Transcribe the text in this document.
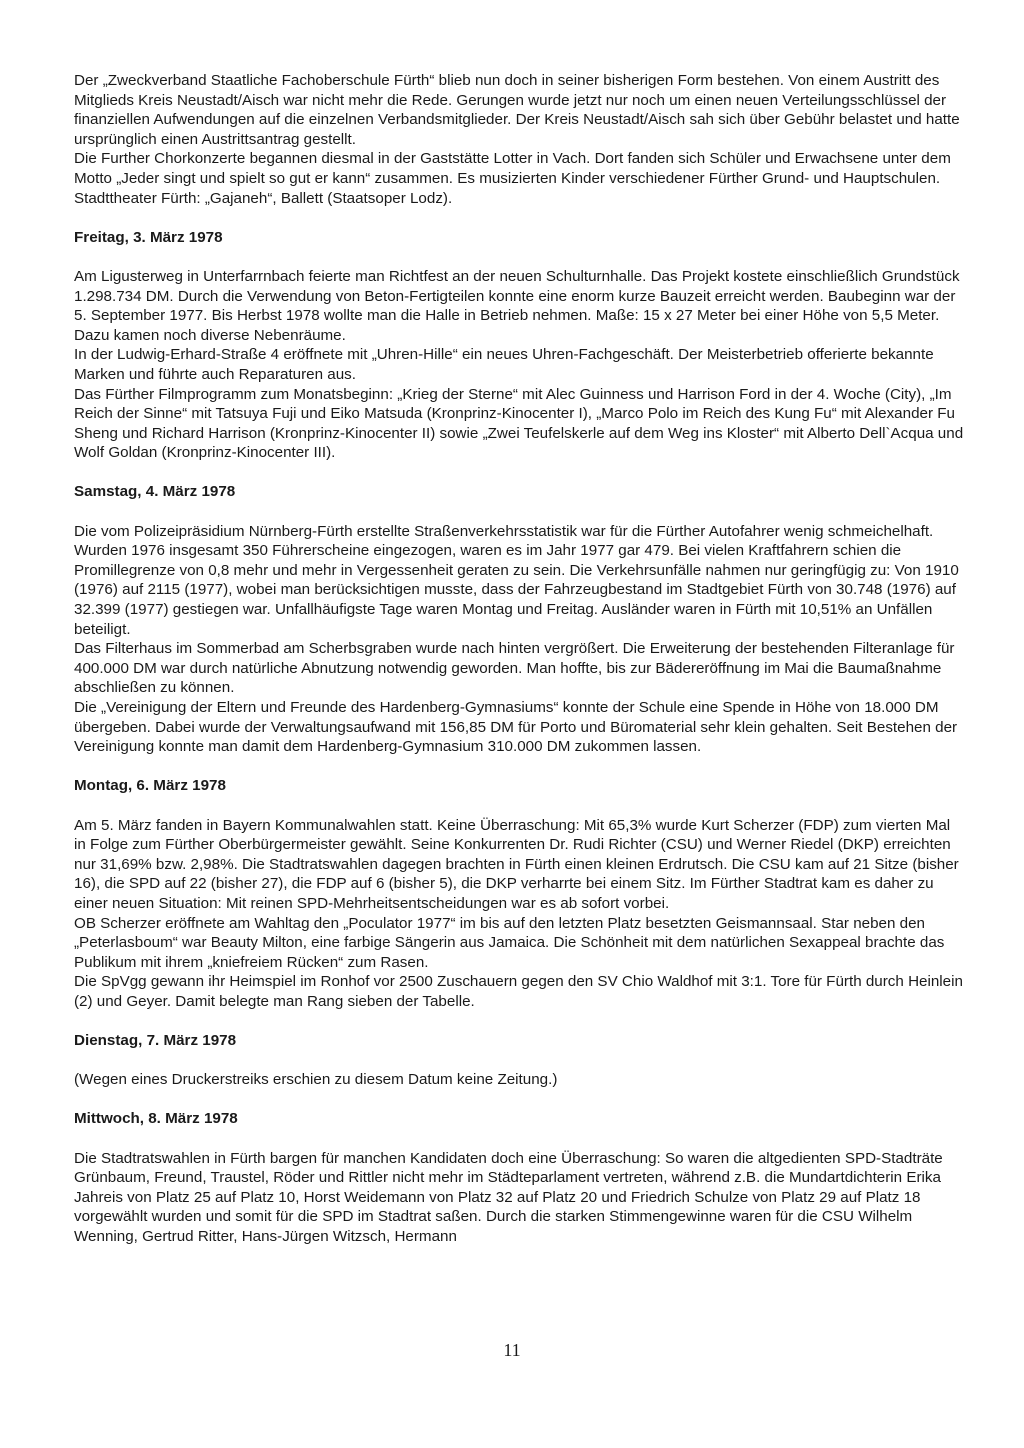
Der „Zweckverband Staatliche Fachoberschule Fürth“ blieb nun doch in seiner bisherigen Form bestehen. Von einem Austritt des Mitglieds Kreis Neustadt/Aisch war nicht mehr die Rede. Gerungen wurde jetzt nur noch um einen neuen Verteilungsschlüssel der finanziellen Aufwendungen auf die einzelnen Verbandsmitglieder. Der Kreis Neustadt/Aisch sah sich über Gebühr belastet und hatte ursprünglich einen Austrittsantrag gestellt.

Die Further Chorkonzerte begannen diesmal in der Gaststätte Lotter in Vach. Dort fanden sich Schüler und Erwachsene unter dem Motto „Jeder singt und spielt so gut er kann“ zusammen. Es musizierten Kinder verschiedener Fürther Grund- und Hauptschulen.

Stadttheater Fürth: „Gajaneh“, Ballett (Staatsoper Lodz).

Freitag, 3. März 1978

Am Ligusterweg in Unterfarrnbach feierte man Richtfest an der neuen Schulturnhalle. Das Projekt kostete einschließlich Grundstück 1.298.734 DM. Durch die Verwendung von Beton-Fertigteilen konnte eine enorm kurze Bauzeit erreicht werden. Baubeginn war der 5. September 1977. Bis Herbst 1978 wollte man die Halle in Betrieb nehmen. Maße: 15 x 27 Meter bei einer Höhe von 5,5 Meter. Dazu kamen noch diverse Nebenräume.

In der Ludwig-Erhard-Straße 4 eröffnete mit „Uhren-Hille“ ein neues Uhren-Fachgeschäft. Der Meisterbetrieb offerierte bekannte Marken und führte auch Reparaturen aus.

Das Fürther Filmprogramm zum Monatsbeginn: „Krieg der Sterne“ mit Alec Guinness und Harrison Ford in der 4. Woche (City), „Im Reich der Sinne“ mit Tatsuya Fuji und Eiko Matsuda (Kronprinz-Kinocenter I), „Marco Polo im Reich des Kung Fu“ mit Alexander Fu Sheng und Richard Harrison (Kronprinz-Kinocenter II) sowie „Zwei Teufelskerle auf dem Weg ins Kloster“ mit Alberto Dell`Acqua und Wolf Goldan (Kronprinz-Kinocenter III).

Samstag, 4. März 1978

Die vom Polizeipräsidium Nürnberg-Fürth erstellte Straßenverkehrsstatistik war für die Fürther Autofahrer wenig schmeichelhaft. Wurden 1976 insgesamt 350 Führerscheine eingezogen, waren es im Jahr 1977 gar 479. Bei vielen Kraftfahrern schien die Promillegrenze von 0,8 mehr und mehr in Vergessenheit geraten zu sein. Die Verkehrsunfälle nahmen nur geringfügig zu: Von 1910 (1976) auf 2115 (1977), wobei man berücksichtigen musste, dass der Fahrzeugbestand im Stadtgebiet Fürth von 30.748 (1976) auf 32.399 (1977) gestiegen war. Unfallhäufigste Tage waren Montag und Freitag. Ausländer waren in Fürth mit 10,51% an Unfällen beteiligt.

Das Filterhaus im Sommerbad am Scherbsgraben wurde nach hinten vergrößert. Die Erweiterung der bestehenden Filteranlage für 400.000 DM war durch natürliche Abnutzung notwendig geworden. Man hoffte, bis zur Bädereröffnung im Mai die Baumaßnahme abschließen zu können.

Die „Vereinigung der Eltern und Freunde des Hardenberg-Gymnasiums“ konnte der Schule eine Spende in Höhe von 18.000 DM übergeben. Dabei wurde der Verwaltungsaufwand mit 156,85 DM für Porto und Büromaterial sehr klein gehalten. Seit Bestehen der Vereinigung konnte man damit dem Hardenberg-Gymnasium 310.000 DM zukommen lassen.

Montag, 6. März 1978

Am 5. März fanden in Bayern Kommunalwahlen statt. Keine Überraschung: Mit 65,3% wurde Kurt Scherzer (FDP) zum vierten Mal in Folge zum Fürther Oberbürgermeister gewählt. Seine Konkurrenten Dr. Rudi Richter (CSU) und Werner Riedel (DKP) erreichten nur 31,69% bzw. 2,98%. Die Stadtratswahlen dagegen brachten in Fürth einen kleinen Erdrutsch. Die CSU kam auf 21 Sitze (bisher 16), die SPD auf 22 (bisher 27), die FDP auf 6 (bisher 5), die DKP verharrte bei einem Sitz. Im Fürther Stadtrat kam es daher zu einer neuen Situation: Mit reinen SPD-Mehrheitsentscheidungen war es ab sofort vorbei.

OB Scherzer eröffnete am Wahltag den „Poculator 1977“ im bis auf den letzten Platz besetzten Geismannsaal. Star neben den „Peterlasboum“ war Beauty Milton, eine farbige Sängerin aus Jamaica. Die Schönheit mit dem natürlichen Sexappeal brachte das Publikum mit ihrem „kniefreiem Rücken“ zum Rasen.

Die SpVgg gewann ihr Heimspiel im Ronhof vor 2500 Zuschauern gegen den SV Chio Waldhof mit 3:1. Tore für Fürth durch Heinlein (2) und Geyer. Damit belegte man Rang sieben der Tabelle.

Dienstag, 7. März 1978

(Wegen eines Druckerstreiks erschien zu diesem Datum keine Zeitung.)

Mittwoch, 8. März 1978

Die Stadtratswahlen in Fürth bargen für manchen Kandidaten doch eine Überraschung: So waren die altgedienten SPD-Stadträte Grünbaum, Freund, Traustel, Röder und Rittler nicht mehr im Städteparlament vertreten, während z.B. die Mundartdichterin Erika Jahreis von Platz 25 auf Platz 10, Horst Weidemann von Platz 32 auf Platz 20 und Friedrich Schulze von Platz 29 auf Platz 18 vorgewählt wurden und somit für die SPD im Stadtrat saßen. Durch die starken Stimmengewinne waren für die CSU Wilhelm Wenning, Gertrud Ritter, Hans-Jürgen Witzsch, Hermann

11
